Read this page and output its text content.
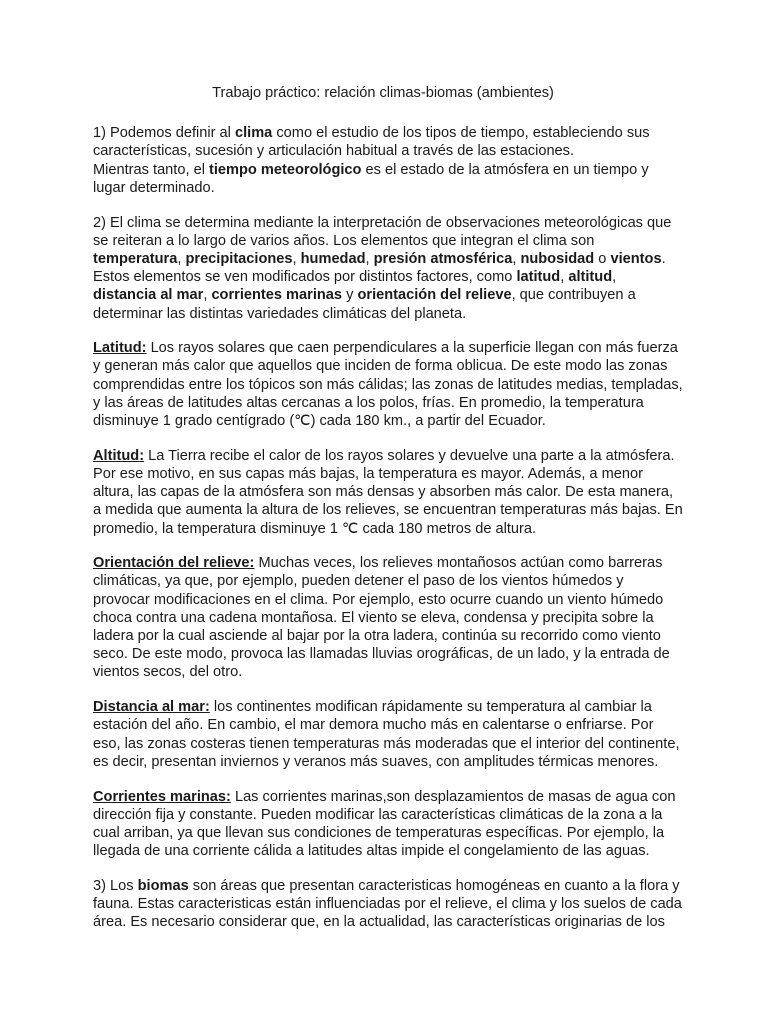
Trabajo práctico: relación climas-biomas (ambientes)

1) Podemos definir al clima como el estudio de los tipos de tiempo, estableciendo sus características, sucesión y articulación habitual a través de las estaciones.

Mientras tanto, el tiempo meteorológico es el estado de la atmósfera en un tiempo y lugar determinado.

2) El clima se determina mediante la interpretación de observaciones meteorológicas que se reiteran a lo largo de varios años. Los elementos que integran el clima son temperatura, precipitaciones, humedad, presión atmosférica, nubosidad o vientos. Estos elementos se ven modificados por distintos factores, como latitud, altitud, distancia al mar, corrientes marinas y orientación del relieve, que contribuyen a determinar las distintas variedades climáticas del planeta.

Latitud: Los rayos solares que caen perpendiculares a la superficie llegan con más fuerza y generan más calor que aquellos que inciden de forma oblicua. De este modo las zonas comprendidas entre los tópicos son más cálidas; las zonas de latitudes medias, templadas, y las áreas de latitudes altas cercanas a los polos, frías. En promedio, la temperatura disminuye 1 grado centígrado (℃) cada 180 km., a partir del Ecuador.

Altitud: La Tierra recibe el calor de los rayos solares y devuelve una parte a la atmósfera. Por ese motivo, en sus capas más bajas, la temperatura es mayor. Además, a menor altura, las capas de la atmósfera son más densas y absorben más calor. De esta manera, a medida que aumenta la altura de los relieves, se encuentran temperaturas más bajas. En promedio, la temperatura disminuye 1 ℃ cada 180 metros de altura.

Orientación del relieve: Muchas veces, los relieves montañosos actúan como barreras climáticas, ya que, por ejemplo, pueden detener el paso de los vientos húmedos y provocar modificaciones en el clima. Por ejemplo, esto ocurre cuando un viento húmedo choca contra una cadena montañosa. El viento se eleva, condensa y precipita sobre la ladera por la cual asciende al bajar por la otra ladera, continúa su recorrido como viento seco. De este modo, provoca las llamadas lluvias orográficas, de un lado, y la entrada de vientos secos, del otro.

Distancia al mar: los continentes modifican rápidamente su temperatura al cambiar la estación del año. En cambio, el mar demora mucho más en calentarse o enfriarse. Por eso, las zonas costeras tienen temperaturas más moderadas que el interior del continente, es decir, presentan inviernos y veranos más suaves, con amplitudes térmicas menores.

Corrientes marinas: Las corrientes marinas,son desplazamientos de masas de agua con dirección fija y constante. Pueden modificar las características climáticas de la zona a la cual arriban, ya que llevan sus condiciones de temperaturas específicas. Por ejemplo, la llegada de una corriente cálida a latitudes altas impide el congelamiento de las aguas.

3) Los biomas son áreas que presentan caracteristicas homogéneas en cuanto a la flora y fauna. Estas caracteristicas están influenciadas por el relieve, el clima y los suelos de cada área. Es necesario considerar que, en la actualidad, las características originarias de los
